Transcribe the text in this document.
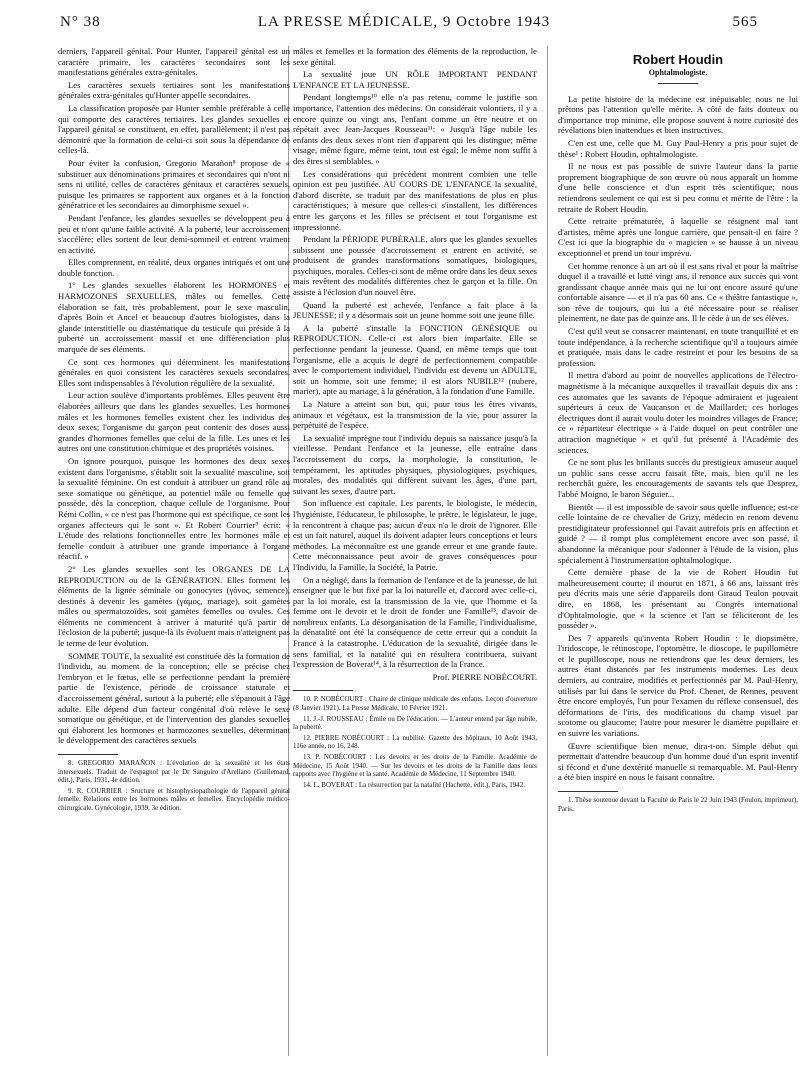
N° 38	LA PRESSE MÉDICALE, 9 Octobre 1943	565

derniers, l'appareil génital. Pour Hunter, l'appareil génital est un caractère primaire, les caractères secondaires sont les manifestations générales extra-génitales.

Les caractères sexuels tertiaires sont les manifestations générales extra-génitales qu'Hunter appelle secondaires.

La classification proposée par Hunter semble préférable à celle qui comporte des caractères tertiaires. Les glandes sexuelles et l'appareil génital se constituent, en effet, parallèlement; il n'est pas démontré que la formation de celui-ci soit sous la dépendance de celles-là.

Pour éviter la confusion, Gregorio Marañon⁸ propose de « substituer aux dénominations primaires et secondaires qui n'ont ni sens ni utilité, celles de caractères génitaux et caractères sexuels, puisque les primaires se rapportent aux organes et à la fonction génératrice et les secondaires au dimorphisme sexuel ».

Pendant l'enfance, les glandes sexuelles se développent peu à peu et n'ont qu'une faible activité. A la puberté, leur accroissement s'accélère; elles sortent de leur demi-sommeil et entrent vraiment en activité.

Elles comprennent, en réalité, deux organes intriqués et ont une double fonction.

1° Les glandes sexuelles élaborent les HORMONES et HARMOZONES SEXUELLES, mâles ou femelles. Cette élaboration se fait, très probablement, pour le sexe masculin, d'après Boin et Ancel et beaucoup d'autres biologistes, dans la glande interstitielle ou diastématique du testicule qui préside à la puberté un accroissement massif et une différenciation plus marquée de ses éléments.

Ce sont ces hormones qui déterminent les manifestations générales en quoi consistent les caractères sexuels secondaires. Elles sont indispensables à l'évolution régulière de la sexualité.

Leur action soulève d'importants problèmes. Elles peuvent être élaborées ailleurs que dans les glandes sexuelles. Les hormones mâles et les hormones femelles existent chez les individus des deux sexes; l'organisme du garçon peut contenir des doses aussi grandes d'hormones femelles que celui de la fille. Les unes et les autres ont une constitution chimique et des propriétés voisines.

On ignore pourquoi, puisque les hormones des deux sexes existent dans l'organisme, s'établit soit la sexualité masculine, soit la sexualité féminine. On est conduit à attribuer un grand rôle au sexe somatique ou génétique, au potentiel mâle ou femelle que possède, dès la conception, chaque cellule de l'organisme. Pour Rémi Collin, « ce n'est pas l'hormone qui est spécifique, ce sont les organes affecteurs qui le sont ». Et Robert Courrier⁹ écrit: « L'étude des relations fonctionnelles entre les hormones mâle et femelle conduit à attribuer une grande importance à l'organe réactif. »

2° Les glandes sexuelles sont les ORGANES DE LA REPRODUCTION ou de la GÉNÉRATION. Elles forment les éléments de la lignée séminale ou gonocytes (γόνος, semence), destinés à devenir les gamètes (γάμος, mariage), soit gamètes mâles ou spermatozoïdes, soit gamètes femelles ou ovules. Ces éléments ne commencent à arriver à maturité qu'à partir de l'éclosion de la puberté; jusque-là ils évoluent mais n'atteignent pas le terme de leur évolution.

SOMME TOUTE, la sexualité est constituée dès la formation de l'individu, au moment de la conception; elle se précise chez l'embryon et le fœtus, elle se perfectionne pendant la première partie de l'existence, période de croissance staturale et d'accroissement général, surtout à la puberté; elle s'épanouit à l'âge adulte. Elle dépend d'un facteur congénital d'où relève le sexe somatique ou génétique, et de l'intervention des glandes sexuelles qui élaborent les hormones et harmozones sexuelles, déterminant le développement des caractères sexuels

8. GREGORIO MARAÑON : L'évolution de la sexualité et les états intersexuels. Traduit de l'espagnol par le Dr Sanguiro d'Arellano (Guillemard, édit.), Paris, 1931, 4e édition.

9. R. COURRIER : Sructure et histophysiopathologie de l'appareil génital femelle. Relations entre les hormones mâles et femelles. Encyclopédie médico-chirurgicale. Gynécologie, 1939, 3e édition.

mâles et femelles et la formation des éléments de la reproduction, le sexe génital.

La sexualité joue UN RÔLE IMPORTANT PENDANT L'ENFANCE ET LA JEUNESSE.

Pendant longtemps¹⁰ elle n'a pas retenu, comme le justifie son importance, l'attention des médecins. On considérait volontiers, il y a encore quinze ou vingt ans, l'enfant comme un être neutre et on répétait avec Jean-Jacques Rousseau¹¹: « Jusqu'à l'âge nubile les enfants des deux sexes n'ont rien d'apparent qui les distingue; même visage, même figure, même teint, tout est égal; le même nom suffit à des êtres si semblables. »

Les considérations qui précèdent montrent combien une telle opinion est peu justifiée. AU COURS DE L'ENFANCE la sexualité, d'abord discrète, se traduit par des manifestations de plus en plus caractéristiques; à mesure que celles-ci s'installent, les différences entre les garçons et les filles se précisent et tout l'organisme est impressionné.

Pendant la PÉRIODE PUBÉRALE, alors que les glandes sexuelles subissent une poussée d'accroissement et entrent en activité, se produisent de grandes transformations somatiques, biologiques, psychiques, morales. Celles-ci sont de même ordre dans les deux sexes mais revêtent des modalités différentes chez le garçon et la fille. On assiste à l'éclosion d'un nouvel être.

Quand la puberté est achevée, l'enfance a fait place à la JEUNESSE; il y a désormais soit un jeune homme soit une jeune fille.

A la puberté s'installe la FONCTION GÉNÉSIQUE ou REPRODUCTION. Celle-ci est alors bien imparfaite. Elle se perfectionne pendant la jeunesse. Quand, en même temps que tout l'organisme, elle a acquis le degré de perfectionnement compatible avec le comportement individuel, l'individu est devenu un ADULTE, soit un homme, soit une femme; il est alors NUBILE¹² (nubere, marier), apte au mariage, à la génération, à la fondation d'une Famille.

La Nature a atteint son but, qui, pour tous les êtres vivants, animaux et végétaux, est la transmission de la vie, pour assurer la perpétuité de l'espèce.

La sexualité imprègne tout l'individu depuis sa naissance jusqu'à la vieillesse. Pendant l'enfance et la jeunesse, elle entraîne dans l'accroissement du corps, la morphologie, la constitution, le tempérament, les aptitudes physiques, physiologiques, psychiques, morales, des modalités qui diffèrent suivant les âges, d'une part, suivant les sexes, d'autre part.

Son influence est capitale. Les parents, le biologiste, le médecin, l'hygiéniste, l'éducateur, le philosophe, le prêtre, le législateur, le juge, la rencontrent à chaque pas; aucun d'eux n'a le droit de l'ignorer. Elle est un fait naturel, auquel ils doivent adapter leurs conceptions et leurs méthodes. La méconnaître est une grande erreur et une grande faute. Cette méconnaissance peut avoir de graves conséquences pour l'Individu, la Famille, la Société, la Patrie.

On a négligé, dans la formation de l'enfance et de la jeunesse, de lui enseigner que le but fixé par la loi naturelle et, d'accord avec celle-ci, par la loi morale, est la transmission de la vie, que l'homme et la femme ont le devoir et le droit de fonder une Famille¹³, d'avoir de nombreux enfants. La désorganisation de la Famille, l'individualisme, la dénatalité ont été la conséquence de cette erreur qui a conduit la France à la catastrophe. L'éducation de la sexualité, dirigée dans le sens familial, et la natalité qui en résultera contribuera, suivant l'expression de Boverat¹⁴, à la résurrection de la France.

Prof. PIERRE NOBÉCOURT.

10. P. NOBÉCOURT : Chaire de clinique médicale des enfants. Leçon d'ouverture (8 Janvier 1921). La Presse Médicale, 10 Février 1921.

11. J.-J. ROUSSEAU : Émile ou De l'éducation. — L'auteur entend par âge nubile, la puberté.

12. PIERRE NOBÉCOURT : La nubilité. Gazette des hôpitaux, 10 Août 1943, 116e année, no 16, 248.

13. P. NOBÉCOURT : Les devoirs et les droits de la Famille. Académie de Médecine, 15 Août 1940. — Sur les devoirs et les droits de la Famille dans leurs rapports avec l'hygiène et la santé. Académie de Médecine, 11 Septembre 1940.

14. L. BOVERAT : La résurrection par la natalité (Hachette, édit.), Paris, 1942.

Robert Houdin
Ophtalmologiste.

La petite histoire de la médecine est inépuisable; nous ne lui prêtons pas l'attention qu'elle mérite. A côté de faits douteux ou d'importance trop minime, elle propose souvent à notre curiosité des révélations bien inattendues et bien instructives.

C'en est une, celle que M. Guy Paul-Henry a pris pour sujet de thèse¹ : Robert Houdin, ophtalmologiste.

Il ne nous est pas possible de suivre l'auteur dans la partie proprement biographique de son œuvre où nous apparaît un homme d'une belle conscience et d'un esprit très scientifique; nous retiendrons seulement ce qui est si peu connu et mérite de l'être : la retraite de Robert Houdin.

Cette retraite prématurée, à laquelle se résignent mal tant d'artistes, même après une longue carrière, que pensait-il en faire ? C'est ici que la biographie du « magicien » se hausse à un niveau exceptionnel et prend un tour imprévu.

Cet homme renonce à un art où il est sans rival et pour la maîtrise duquel il a travaillé et lutté vingt ans, il renonce aux succès qui vont grandissant chaque année mais qui ne lui ont encore assuré qu'une confortable aisance — et il n'a pas 60 ans. Ce « théâtre fantastique », son rêve de toujours, qui lui a été nécessaire pour se réaliser pleinement, ne date pas de quinze ans. Il le cède à un de ses élèves.

C'est qu'il veut se consacrer maintenant, en toute tranquillité et en toute indépendance, à la recherche scientifique qu'il a toujours aimée et pratiquée, mais dans le cadre restreint et pour les besoins de sa profession.

Il mettra d'abord au point de nouvelles applications de l'électro-magnétisme à la mécanique auxquelles il travaillait depuis dix ans : ces automates que les savants de l'époque admiraient et jugeaient supérieurs à ceux de Vaucanson et de Maillardet; ces horloges électriques dont il aurait voulu doter les moindres villages de France; ce « répartiteur électrique » à l'aide duquel on peut contrôler une attraction magnétique » et qu'il fut présenté à l'Académie des sciences.

Ce ne sont plus les brillants succès du prestigieux amuseur auquel un public sans cesse accru faisait fête, mais, bien qu'il ne les recherchât guère, les encouragements de savants tels que Desprez, l'abbé Moigno, le baron Séguier...

Bientôt — il est impossible de savoir sous quelle influence; est-ce celle lointaine de ce chevalier de Grizy, médecin en renom devenu prestidigitateur professionnel qui l'avait autrefois pris en affection et guidé ? — il rompt plus complètement encore avec son passé, il abandonne la mécanique pour s'adonner à l'étude de la vision, plus spécialement à l'instrumentation ophtalmologique.

Cette dernière phase de la vie de Robert Houdin fut malheureusement courte; il mourut en 1871, à 66 ans, laissant très peu d'écrits mais une série d'appareils dont Giraud Teulon pouvait dire, en 1868, les présentant au Congrès international d'Ophtalmologie, que « la science et l'art se féliciteront de les posséder ».

Des 7 appareils qu'inventa Robert Houdin : le diopsimètre, l'iridoscope, le rétinoscope, l'optomètre, le dioscope, le pupillomètre et le pupilloscope, nous ne retiendrons que les deux derniers, les autres étant distancés par les instruments modernes. Les deux derniers, au contraire, modifiés et perfectionnés par M. Paul-Henry, utilisés par lui dans le service du Prof. Chenet, de Rennes, peuvent être encore employés, l'un pour l'examen du réflexe consensuel, des déformations de l'iris, des modifications du champ visuel par scotome ou glaucome; l'autre pour mesurer le diamètre pupillaire et en suivre les variations.

Œuvre scientifique bien menue, dira-t-on. Simple début qui permettait d'attendre beaucoup d'un homme doué d'un esprit inventif si fécond et d'une dextérité manuelle si remarquable. M. Paul-Henry a été bien inspiré en nous le faisant connaître.

1. Thèse soutenue devant la Faculté de Paris le 22 Juin 1943 (Foulon, imprimeur), Paris.
